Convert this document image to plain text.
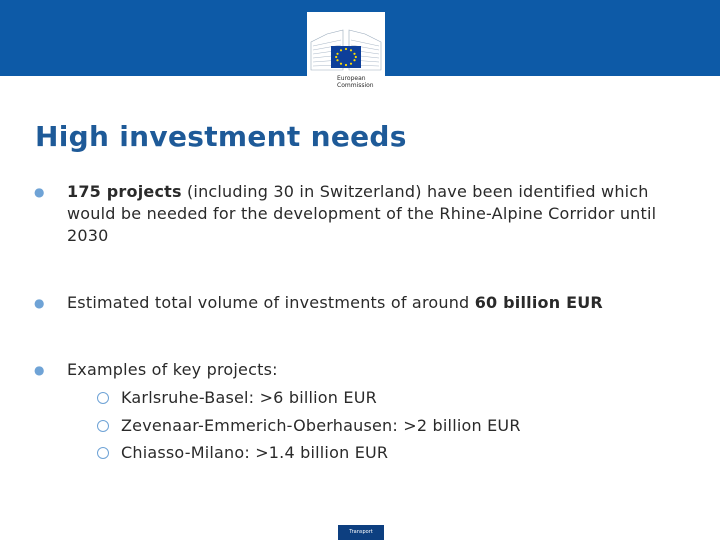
European
Commission
High investment needs
● 175 projects (including 30 in Switzerland) have been identified which would be needed for the development of the Rhine-Alpine Corridor until 2030
● Estimated total volume of investments of around 60 billion EUR
● Examples of key projects:
Karlsruhe-Basel: >6 billion EUR
Zevenaar-Emmerich-Oberhausen: >2 billion EUR
Chiasso-Milano: >1.4 billion EUR
Transport
